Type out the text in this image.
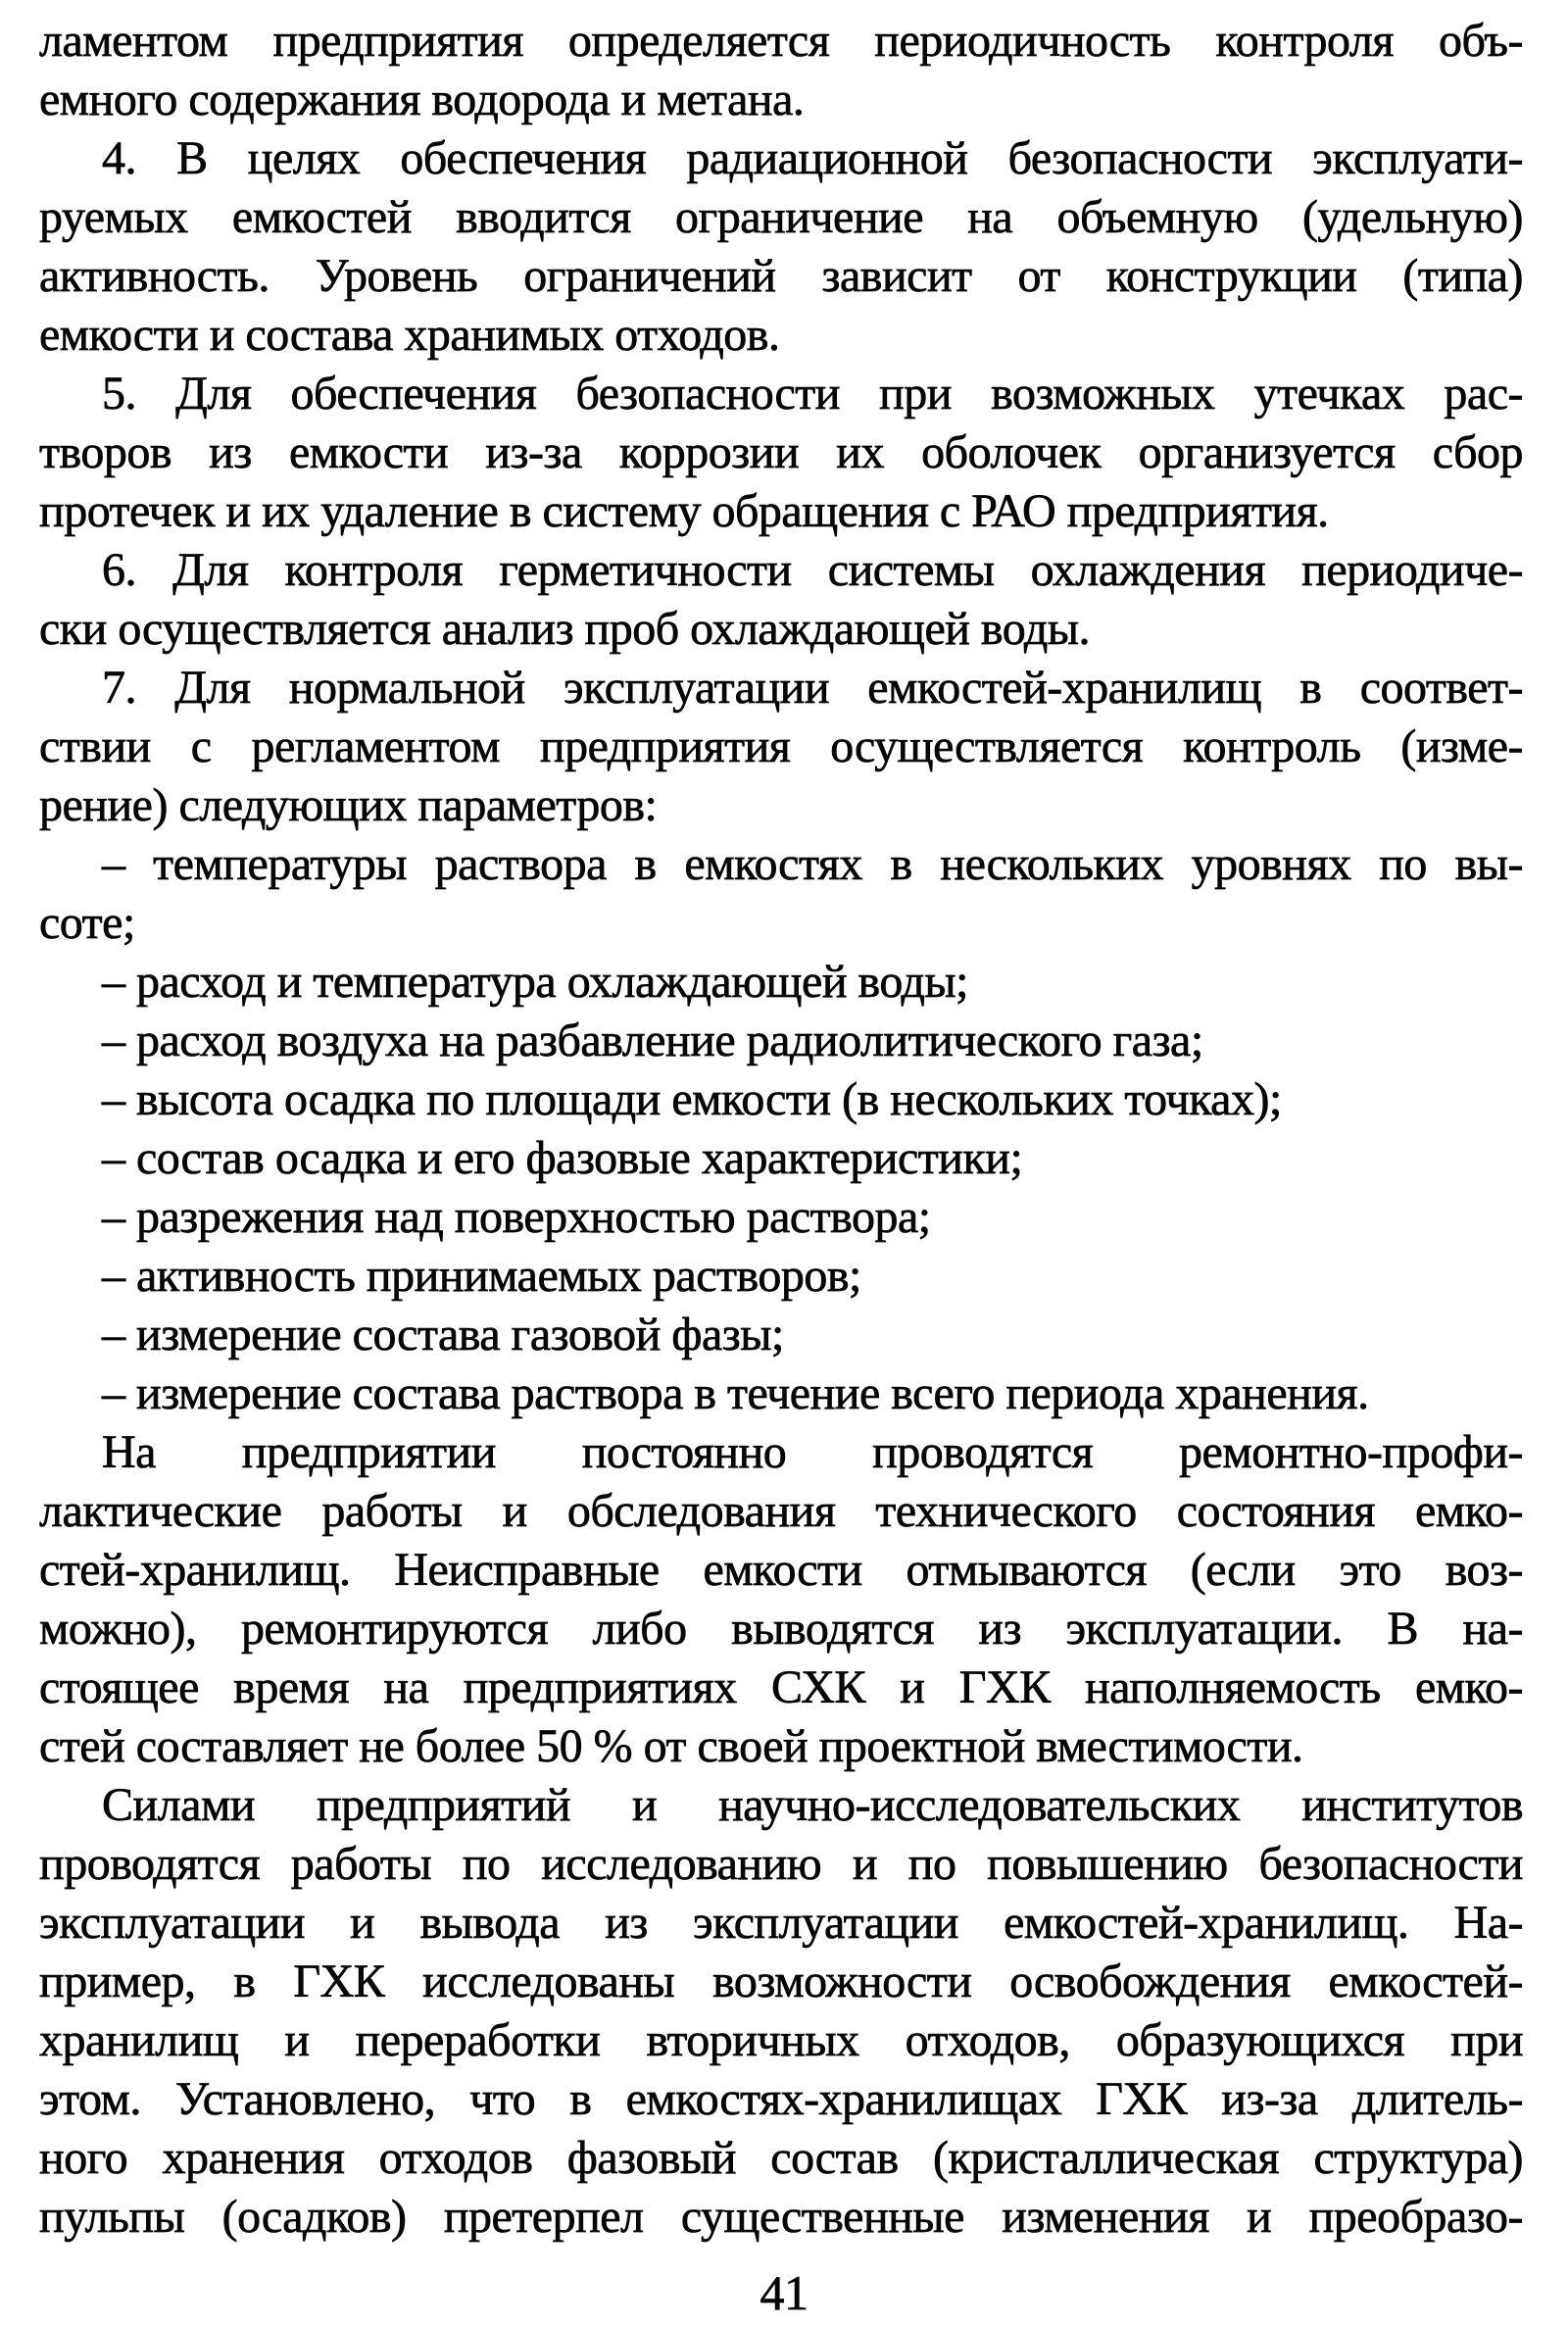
ламентом предприятия определяется периодичность контроля объ-
емного содержания водорода и метана.
4. В целях обеспечения радиационной безопасности эксплуати-
руемых емкостей вводится ограничение на объемную (удельную)
активность. Уровень ограничений зависит от конструкции (типа)
емкости и состава хранимых отходов.
5. Для обеспечения безопасности при возможных утечках рас-
творов из емкости из-за коррозии их оболочек организуется сбор
протечек и их удаление в систему обращения с РАО предприятия.
6. Для контроля герметичности системы охлаждения периодиче-
ски осуществляется анализ проб охлаждающей воды.
7. Для нормальной эксплуатации емкостей-хранилищ в соответ-
ствии с регламентом предприятия осуществляется контроль (изме-
рение) следующих параметров:
– температуры раствора в емкостях в нескольких уровнях по вы-
соте;
– расход и температура охлаждающей воды;
– расход воздуха на разбавление радиолитического газа;
– высота осадка по площади емкости (в нескольких точках);
– состав осадка и его фазовые характеристики;
– разрежения над поверхностью раствора;
– активность принимаемых растворов;
– измерение состава газовой фазы;
– измерение состава раствора в течение всего периода хранения.
На предприятии постоянно проводятся ремонтно-профи-
лактические работы и обследования технического состояния емко-
стей-хранилищ. Неисправные емкости отмываются (если это воз-
можно), ремонтируются либо выводятся из эксплуатации. В на-
стоящее время на предприятиях СХК и ГХК наполняемость емко-
стей составляет не более 50 % от своей проектной вместимости.
Силами предприятий и научно-исследовательских институтов
проводятся работы по исследованию и по повышению безопасности
эксплуатации и вывода из эксплуатации емкостей-хранилищ. На-
пример, в ГХК исследованы возможности освобождения емкостей-
хранилищ и переработки вторичных отходов, образующихся при
этом. Установлено, что в емкостях-хранилищах ГХК из-за длитель-
ного хранения отходов фазовый состав (кристаллическая структура)
пульпы (осадков) претерпел существенные изменения и преобразо-
41
